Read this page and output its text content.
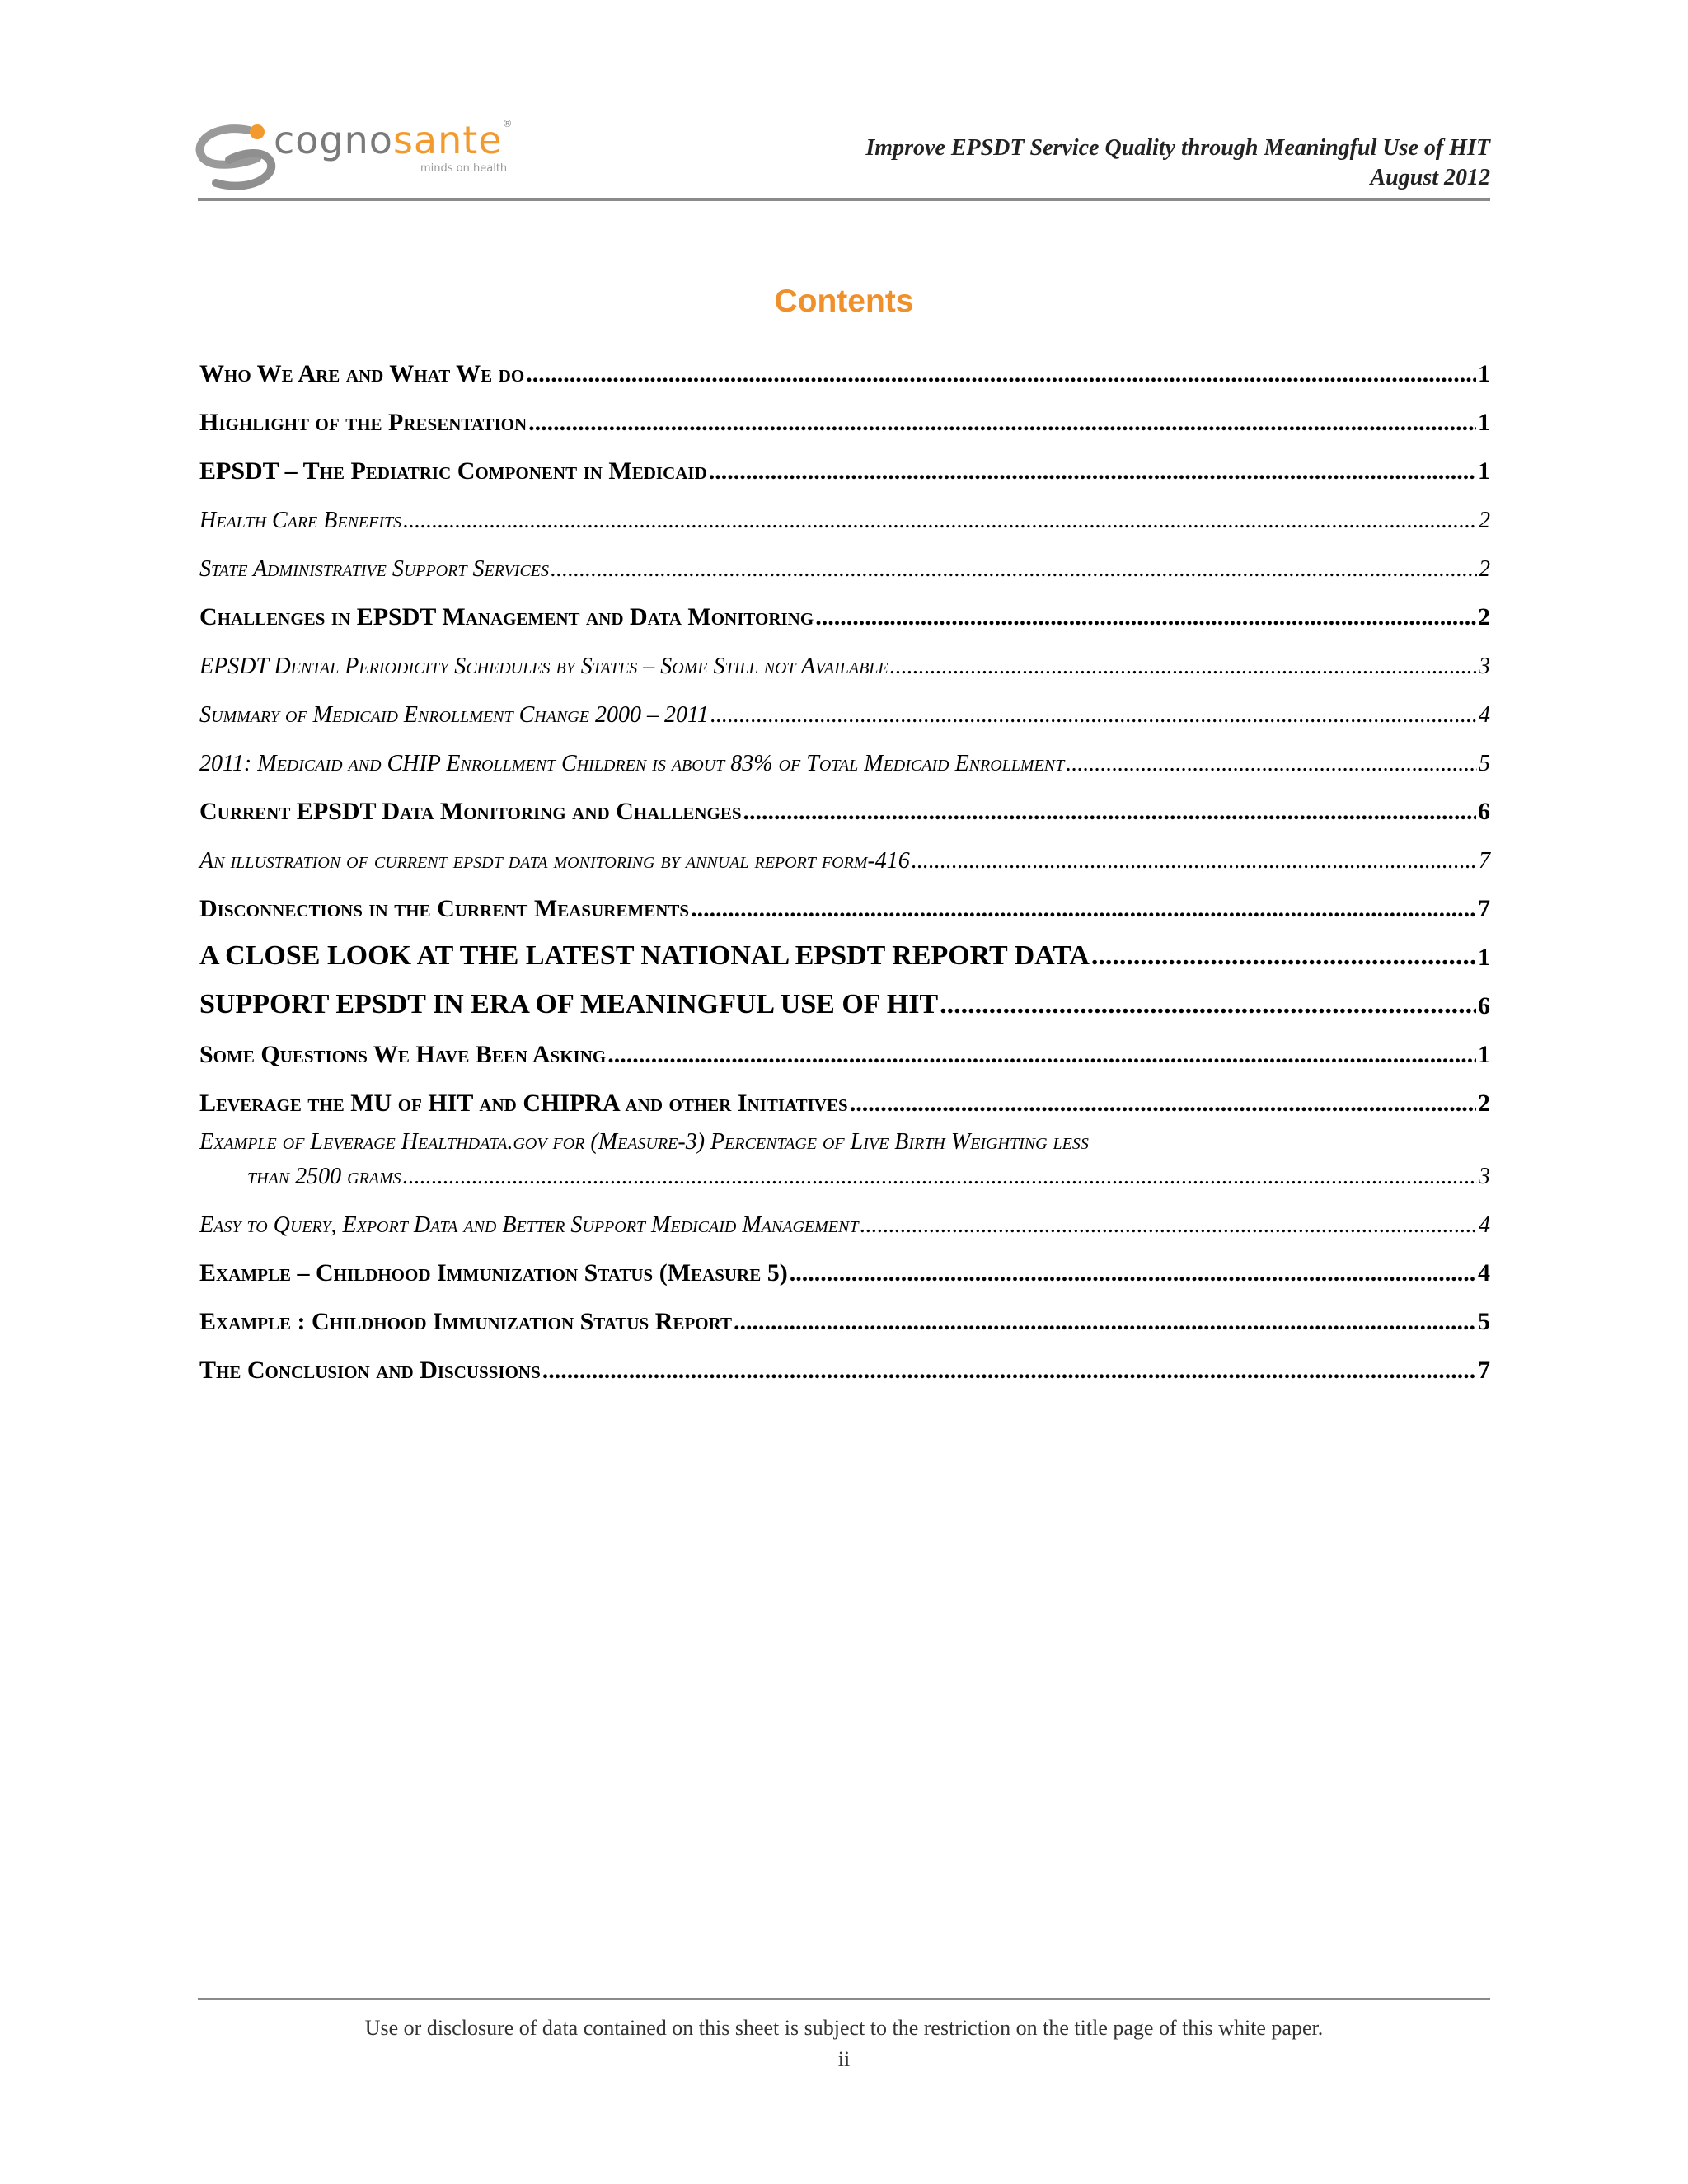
cognosante®
minds on health
Improve EPSDT Service Quality through Meaningful Use of HIT
August 2012
Contents
Who We Are and What We do .....	1
Highlight of the Presentation .....	1
EPSDT – The Pediatric Component in Medicaid .....	1
Health Care Benefits .....	2
State Administrative Support Services .....	2
Challenges in EPSDT Management and Data Monitoring .....	2
EPSDT Dental Periodicity Schedules by States – Some Still not Available .....	3
Summary of Medicaid Enrollment Change 2000 – 2011 .....	4
2011: Medicaid and CHIP Enrollment Children is about 83% of Total Medicaid Enrollment .....	5
Current EPSDT Data Monitoring and Challenges .....	6
An illustration of current epsdt data monitoring by annual report form-416 .....	7
Disconnections in the Current Measurements .....	7
A CLOSE LOOK AT THE LATEST NATIONAL EPSDT REPORT DATA .....	1
SUPPORT EPSDT IN ERA OF MEANINGFUL USE OF HIT .....	6
Some Questions We Have Been Asking .....	1
Leverage the MU of HIT and CHIPRA and other Initiatives .....	2
Example of Leverage Healthdata.gov for (Measure-3) Percentage of Live Birth Weighting less
than 2500 grams .....	3
Easy to Query, Export Data and Better Support Medicaid Management .....	4
Example – Childhood Immunization Status (Measure 5) .....	4
Example : Childhood Immunization Status Report .....	5
The Conclusion and Discussions .....	7
Use or disclosure of data contained on this sheet is subject to the restriction on the title page of this white paper.
ii
